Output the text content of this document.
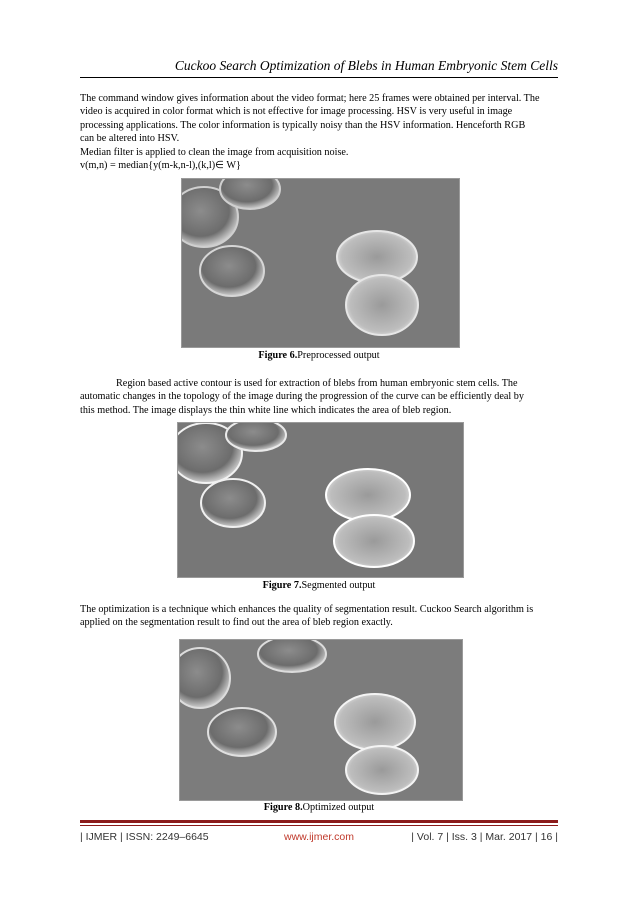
Cuckoo Search Optimization of Blebs in Human Embryonic Stem Cells
The command window gives information about the video format; here 25 frames were obtained per interval. The
video is acquired in color format which is not effective for image processing. HSV is very useful in image
processing applications. The color information is typically noisy than the HSV information. Henceforth RGB
can be altered into HSV.
Median filter is applied to clean the image from acquisition noise.
v(m,n) = median{y(m-k,n-l),(k,l)∈ W}
Figure 6.Preprocessed output
Region based active contour is used for extraction of blebs from human embryonic stem cells. The
automatic changes in the topology of the image during the progression of the curve can be efficiently deal by
this method. The image displays the thin white line which indicates the area of bleb region.
Figure 7.Segmented output
The optimization is a technique which enhances the quality of segmentation result. Cuckoo Search algorithm is
applied on the segmentation result to find out the area of bleb region exactly.
Figure 8.Optimized output
| IJMER | ISSN: 2249–6645	www.ijmer.com	| Vol. 7 | Iss. 3 | Mar. 2017 | 16 |
